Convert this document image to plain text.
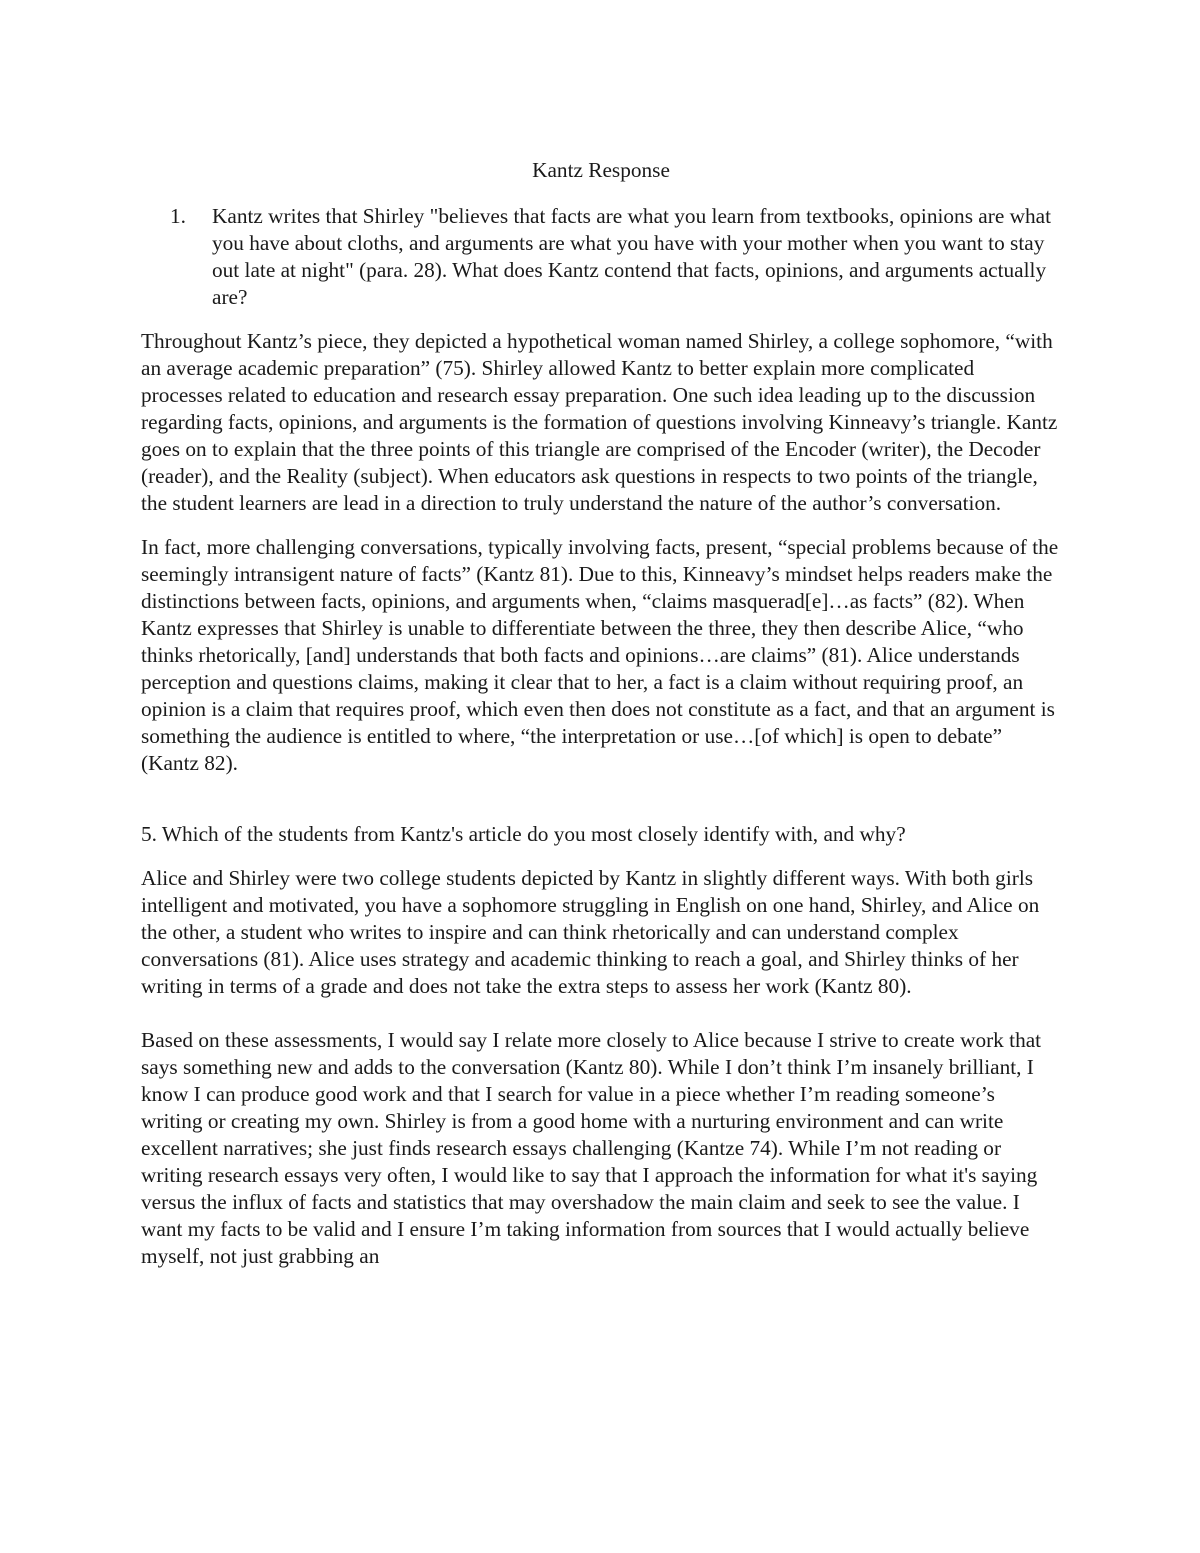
Kantz Response
1. Kantz writes that Shirley "believes that facts are what you learn from textbooks, opinions are what you have about cloths, and arguments are what you have with your mother when you want to stay out late at night" (para. 28). What does Kantz contend that facts, opinions, and arguments actually are?

Throughout Kantz’s piece, they depicted a hypothetical woman named Shirley, a college sophomore, “with an average academic preparation” (75). Shirley allowed Kantz to better explain more complicated processes related to education and research essay preparation. One such idea leading up to the discussion regarding facts, opinions, and arguments is the formation of questions involving Kinneavy’s triangle. Kantz goes on to explain that the three points of this triangle are comprised of the Encoder (writer), the Decoder (reader), and the Reality (subject). When educators ask questions in respects to two points of the triangle, the student learners are lead in a direction to truly understand the nature of the author’s conversation.

In fact, more challenging conversations, typically involving facts, present, “special problems because of the seemingly intransigent nature of facts” (Kantz 81). Due to this, Kinneavy’s mindset helps readers make the distinctions between facts, opinions, and arguments when, “claims masquerad[e]…as facts” (82). When Kantz expresses that Shirley is unable to differentiate between the three, they then describe Alice, “who thinks rhetorically, [and] understands that both facts and opinions…are claims” (81). Alice understands perception and questions claims, making it clear that to her, a fact is a claim without requiring proof, an opinion is a claim that requires proof, which even then does not constitute as a fact, and that an argument is something the audience is entitled to where, “the interpretation or use…[of which] is open to debate” (Kantz 82).

5. Which of the students from Kantz's article do you most closely identify with, and why?

Alice and Shirley were two college students depicted by Kantz in slightly different ways. With both girls intelligent and motivated, you have a sophomore struggling in English on one hand, Shirley, and Alice on the other, a student who writes to inspire and can think rhetorically and can understand complex conversations (81). Alice uses strategy and academic thinking to reach a goal, and Shirley thinks of her writing in terms of a grade and does not take the extra steps to assess her work (Kantz 80).

Based on these assessments, I would say I relate more closely to Alice because I strive to create work that says something new and adds to the conversation (Kantz 80). While I don’t think I’m insanely brilliant, I know I can produce good work and that I search for value in a piece whether I’m reading someone’s writing or creating my own. Shirley is from a good home with a nurturing environment and can write excellent narratives; she just finds research essays challenging (Kantze 74). While I’m not reading or writing research essays very often, I would like to say that I approach the information for what it's saying versus the influx of facts and statistics that may overshadow the main claim and seek to see the value. I want my facts to be valid and I ensure I’m taking information from sources that I would actually believe myself, not just grabbing an
